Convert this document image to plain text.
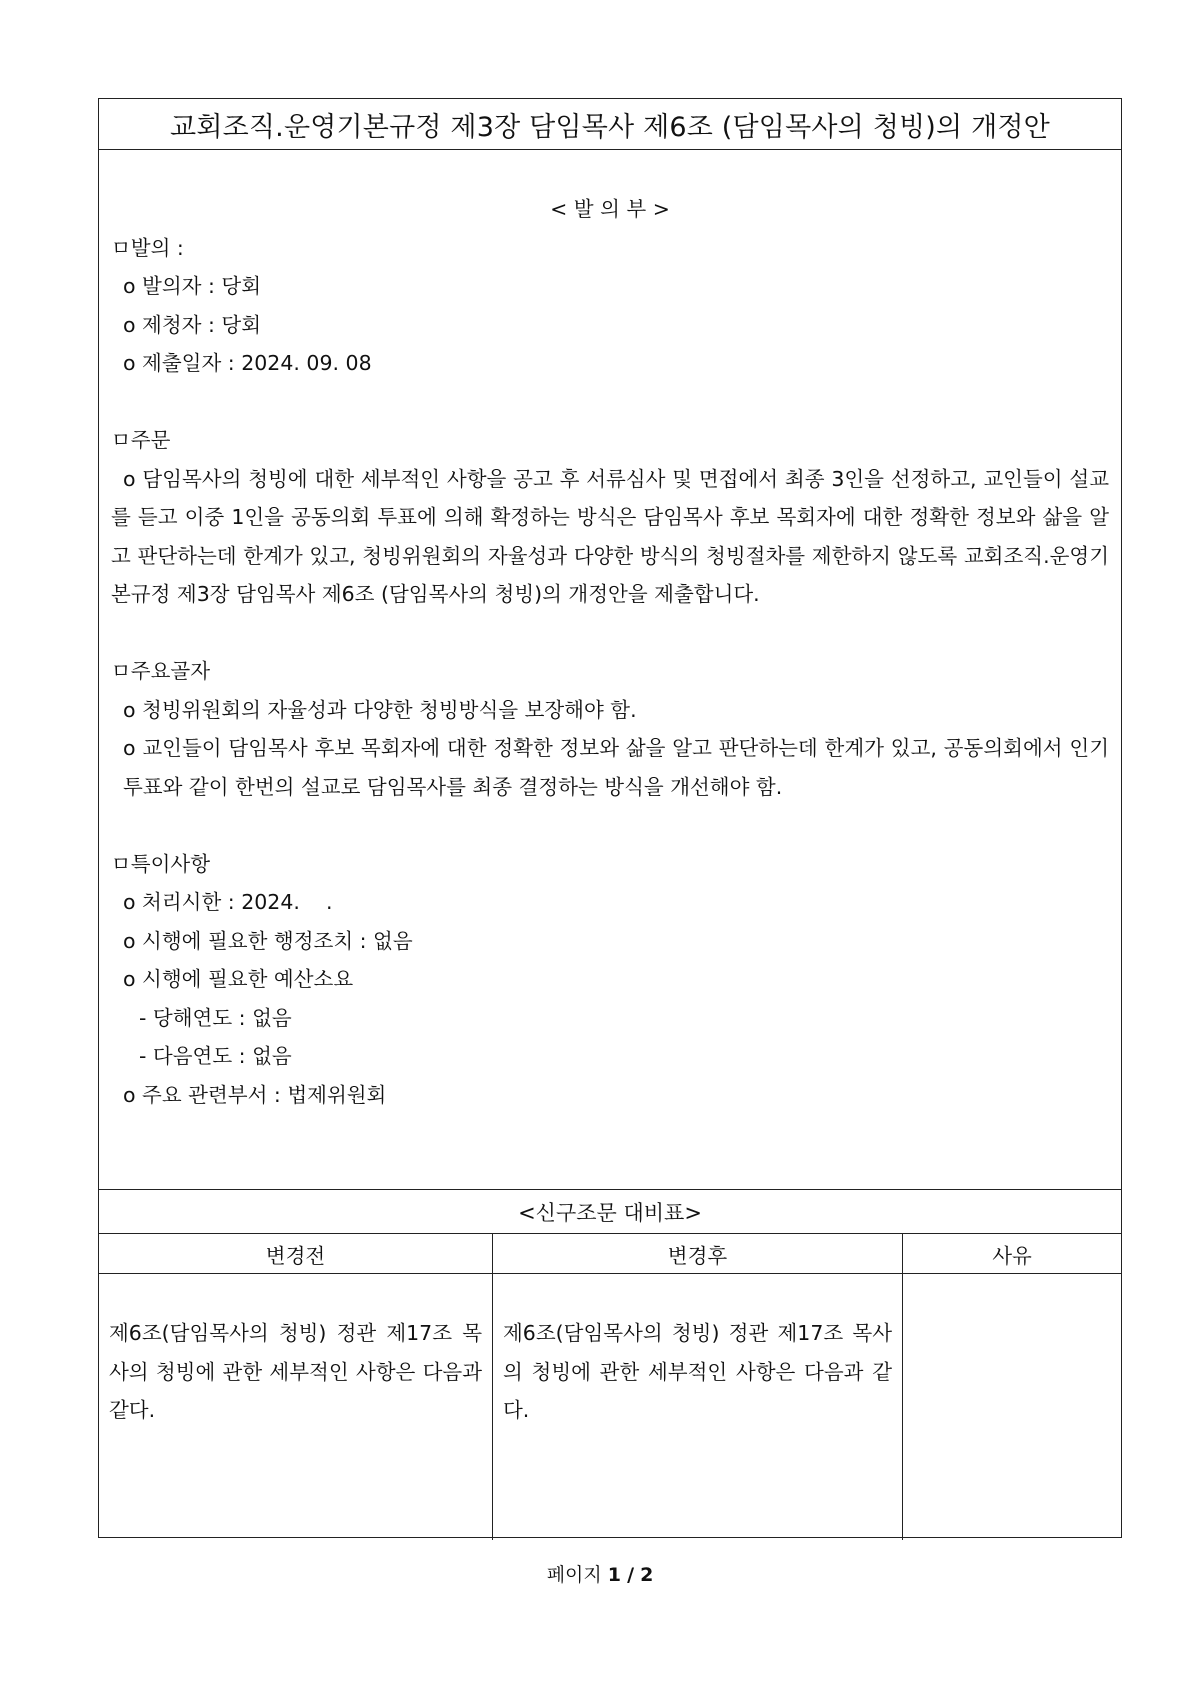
교회조직.운영기본규정 제3장 담임목사 제6조 (담임목사의 청빙)의 개정안
< 발 의 부 >
ㅁ발의 :
o 발의자 : 당회
o 제청자 : 당회
o 제출일자 : 2024. 09. 08
ㅁ주문
o 담임목사의 청빙에 대한 세부적인 사항을 공고 후 서류심사 및 면접에서 최종 3인을 선정하고, 교인들이 설교를 듣고 이중 1인을 공동의회 투표에 의해 확정하는 방식은 담임목사 후보 목회자에 대한 정확한 정보와 삶을 알고 판단하는데 한계가 있고, 청빙위원회의 자율성과 다양한 방식의 청빙절차를 제한하지 않도록 교회조직.운영기본규정 제3장 담임목사 제6조 (담임목사의 청빙)의 개정안을 제출합니다.
ㅁ주요골자
o 청빙위원회의 자율성과 다양한 청빙방식을 보장해야 함.
o 교인들이 담임목사 후보 목회자에 대한 정확한 정보와 삶을 알고 판단하는데 한계가 있고, 공동의회에서 인기투표와 같이 한번의 설교로 담임목사를 최종 결정하는 방식을 개선해야 함.
ㅁ특이사항
o 처리시한 : 2024.    .
o 시행에 필요한 행정조치 : 없음
o 시행에 필요한 예산소요
- 당해연도 : 없음
- 다음연도 : 없음
o 주요 관련부서 : 법제위원회
<신구조문 대비표>
변경전	변경후	사유
제6조(담임목사의 청빙) 정관 제17조 목사의 청빙에 관한 세부적인 사항은 다음과 같다.
제6조(담임목사의 청빙) 정관 제17조 목사의 청빙에 관한 세부적인 사항은 다음과 같다.
페이지 1 / 2
